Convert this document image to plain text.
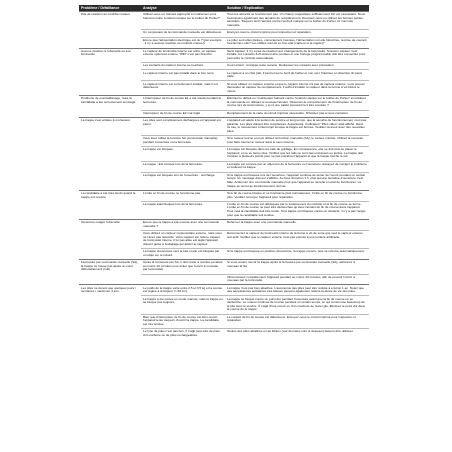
Problème / Défaillance	Analyse	Solution / Explication
Pas de réaction au contrôle manuel	Utilisez-vous un l'aimant approprié et maintenez-vous l'aimant contre l'endroit marqué sur le boîtier du Portier?	Tous les aimants ne fonctionnent pas. Un champ magnétique suffisamment fort est nécessaire. Nous fournissons également des aimants de remplacement. Devissez-nous ou utilisez les bonnes petites aimantés. Toujours tenir l'aimant contre l'endroit marqué sur le boîtier du Portier, ici nommée manuelle.
	Un composant de la commande manuelle est défectueux.	Envoyez-nous le circuit imprimé pour inspection et réparation.
	Est-ce que l'alimentation électrique est ok ? (par exemple : il n'y a aucune réaction au contrôle manuel)	Le pilier sont elles pleines, correctement insérées, l'alimentation not elle bloinchée, la prise de courant fonctionne-t-elle? Les câbles sont-ils en bon état (capteur et la régule)?
Aucune réaction à l'obscurité ou à la luminosité	Le capteur de luminosité interne est retiré, un capteur externe optionnel externe "Willi" n'est pas branché.	Sans capteur, il n'y a pas de réaction aux changements de la luminosité. Si aucun capteur n'est installé, les contacts 3+5 doivent être pontées et une horloge programmable doit être connectée pour permettre le contrôle automatique.
	Les contacts du capteur interne se touchent.	Court-circuit : la trappe reste ouverte. Redressez les contacts avec précaution.
	Le capteur interne est pas installé dans le bon sens.	Le capteur a un côté plat. Il permet les le bord du boîtier et non vers l'intérieur en direction du paroi plate.
	Le capteur interne est correctement installé, mais il est défectueux.	Si vous utilisez un capteur externe et que le capteur interne n'a pas de capteur externe, vous pouvez demander un capteur de remplacement, il suffit d'installer le capteur dans la bonne a vis bloins le mieux.
Problème de eventablissage, mais la candidatte a été correctement envisagé.	L'interrupteur de fin de course E1 a été soudé pendant la fermeture.	Éliminez le défaut en "maintenant l'aimant contre l'endroit marqué sur le boîtier du Portier" et réduisez la commande en utilisant à nouveau l'aimant. Observez-le comportement de l'interrupteur de fin de course lors de la fermeture, y a-t-il une saleté poussant le il être soudure ?
	Interrupteur de fin de course E2 mal réglé	Remplacement de la carte du circuit imprimé nécessaire. N'hésitez pas à nous contacter.
La trappe s'est arrêtée à mi-hauteur.	Les piles sont complètement déchargées et l'appareil est éteint.	L'appareil est alerté à la tension de service et long temps, que la sécurité de fonctionnement n'est pas garantie. Les piles doivent être remplacées. Auparavant, l'indicateur "Piles vides" était affiché. Dans ce cas, le mouvement s'interrompt lorsque la trappe est fermée. Veuillez recevoir avec des nouvelles piles.
	Vous avez utilisé la fonction SA (commande manuelle) pendant l'ouverture ou la fermeture.	Si le moteur tourne et vous utilisez la fonction manuelle (SA), le moteur s'arrête. Utilisez la nouveau pour faire tourner le moteur dans le sens inverse.
	La trappe est bloquée.	La trappe est bloquée dans les rails de guidage. En conséquence, elle ne doit plus se placer le l'appareil, et ne se ferme plus. Vérifiez que les rails ne sont pas encrassés ou tordus. La trappe doit s'arrêter à plusieurs points pour ne pas entraîner l'appareil et que la trappe touche le sol.
	La trappe : Est coincée lors de la fermeture.	La trappe est coincée par un objet lors de la fermeture ou l'ouverture. Essayez de corriger le problème et soulevez la trappe.
	La trappe est bloquée lors de l'ouverture : surcharge.	Si la trappe est bloquée lors de l'ouverture, l'appareil continue de tenter de l'ouvrir pendant un certain temps. Un message d'erreur s'affiche. Au bout d'environ 1 h, plus aucune tentative d'ouverture n'est faite. Actionnez une commande manuelle pour que l'appareil se remette en état de fonctionner. La trappe se remet au fonctionnement normal.
La candidatte a été tirés tendu quand la trappe est ouverte	L'unité en fin de course ne fonctionne pas.	Si le fin de course bloque et ne fonctionne plus normalement, l'unité en fin de course ne fonctionne plus. Veuillez renvoyer l'appareil pour réparation.
	La trappe était bloquée lors de la fermeture.	L'unité en fin de course est débloquée par le soulèvement du contrôle et la fin de course se ferme. L'unité en fin de course ne peut être déclenchée qu'avec l'aimant du fin de course dans l'appareil. Pour cela la candidatte doit être tendu. Si la trappe est bloquée contre un obstacle, il n'y a pas l'angle pour que la candidatte soit tendue.
Ouverture malgré l'obscurité	Est-ce que la trappe a été ouverte avec une commande manuelle ?	Refermer la trappe avec une commande manuelle.
	Vous utilisez un capteur crépusculaire externe, mais vous ne l'avez pas raccordé. Votre capteur est relié le capteur de luminosité interne. Il lui pas allée est réglé l'appareil doivent gelée à l'éclairage qui atteint le capteur.	Déconnectez le capteur de luminosité interne de la borne a vis de sorte que seul le capteur externe soit actif. Vérifiez que le capteur externe n'est pas exposé à une lumière artificielle.
	La trappe d'ouverture vers le bas et elle est bloquée par un objet sur le rebord.	Si la trappe est bloquée en position d'ouverture, la trappe s'ouvre, puis se referme automatiquement.
Fermeture par commande manuelle (SA), la trappe se trouve pas après un court déboutéliement (nuit).	Après la fermeture par SA, il doit rester à nombre pendant au moins 10 minutes pour éviter que l'ouvrir à nouveau par luminosité).	Si vous voulez rouvrir la trappe après la fermeture par commande manuelle (SA), actionnez à nouveau la SA.
		Obscurcissez complètement l'appareil pendant au moins 10 minutes, afin de pouvoir l'ouvrir à nouveau par la luminosité.
Les piles ne durent que quelques jours / semaines / maximum 3 ans.	Le poids de la trappe varie entre 2,5 et 3,5 kg et la course est réglée à la largeur (> 80 cm).	La trappe n'est pas bien attachée. L'autonomie des piles peut être réduite à environ 1 an. Notez que des températures ambiantes très basses peuvent également réduire la durée de vie des piles.
	La trappe a été portée en mode manuel, mais la trappe ne se bloque pas toujours.	La trappe se bloque contre un point dur pendant l'ouverture avant que la fin de course ne se déclenche. Le moteur continue de tourner pendant un certain temps, ce qui consomme beaucoup de la pile avec le service. À s'agit d'une erreur ou d'un courbure de l'évier-glo. Eliminez le point dur dans la course de la trappe.
	Bien que l'interrupteur de fin de course est bien ouvert, l'appareil tente toujours d'ouvrir la trappe. La candidatte est très tendue.	Le contact de fin de course est défectueux. Envoyez-nous le circuit imprimé pour inspection et réparation.
	Le type de piles n'est pas bon. Il s'agit peut-être de piles zinc-carbone ou de piles rechargeables.	Seules des piles alcalines ou au lithium (voir données sont ci-dessous) doivent être utilisées.
